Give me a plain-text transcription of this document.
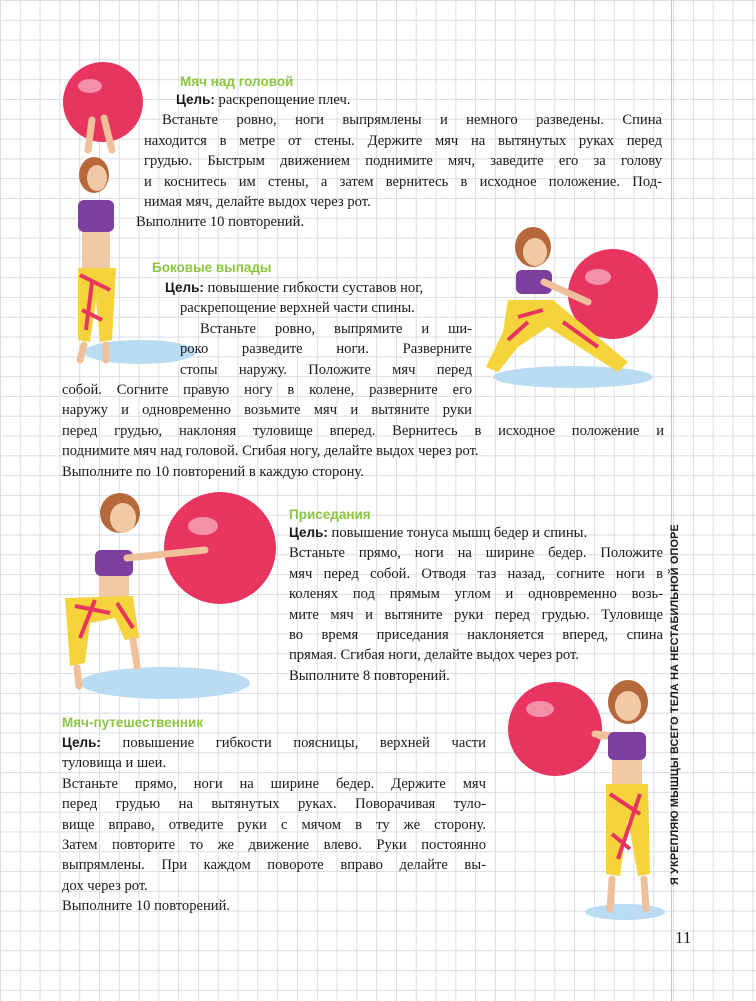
Мяч над головой

Цель: раскрепощение плеч.

Встаньте ровно, ноги выпрямлены и немного разведены. Спина

находится в метре от стены. Держите мяч на вытянутых руках перед

грудью. Быстрым движением поднимите мяч, заведите его за голову

и коснитесь им стены, а затем вернитесь в исходное положение. Под-

нимая мяч, делайте выдох через рот.

Выполните 10 повторений.

Боковые выпады

Цель: повышение гибкости суставов ног,

раскрепощение верхней части спины.

Встаньте ровно, выпрямите и ши-

роко разведите ноги. Разверните

стопы наружу. Положите мяч перед

собой. Согните правую ногу в колене, разверните его

наружу и одновременно возьмите мяч и вытяните руки

перед грудью, наклоняя туловище вперед. Вернитесь в исходное положение и

поднимите мяч над головой. Сгибая ногу, делайте выдох через рот.

Выполните по 10 повторений в каждую сторону.

Приседания

Цель: повышение тонуса мышц бедер и спины.

Встаньте прямо, ноги на ширине бедер. Положите

мяч перед собой. Отводя таз назад, согните ноги в

коленях под прямым углом и одновременно возь-

мите мяч и вытяните руки перед грудью. Туловище

во время приседания наклоняется вперед, спина

прямая. Сгибая ноги, делайте выдох через рот.

Выполните 8 повторений.

Мяч-путешественник

Цель: повышение гибкости поясницы, верхней части

туловища и шеи.

Встаньте прямо, ноги на ширине бедер. Держите мяч

перед грудью на вытянутых руках. Поворачивая туло-

вище вправо, отведите руки с мячом в ту же сторону.

Затем повторите то же движение влево. Руки постоянно

выпрямлены. При каждом повороте вправо делайте вы-

дох через рот.

Выполните 10 повторений.

Я УКРЕПЛЯЮ МЫШЦЫ ВСЕГО ТЕЛА НА НЕСТАБИЛЬНОЙ ОПОРЕ
11
